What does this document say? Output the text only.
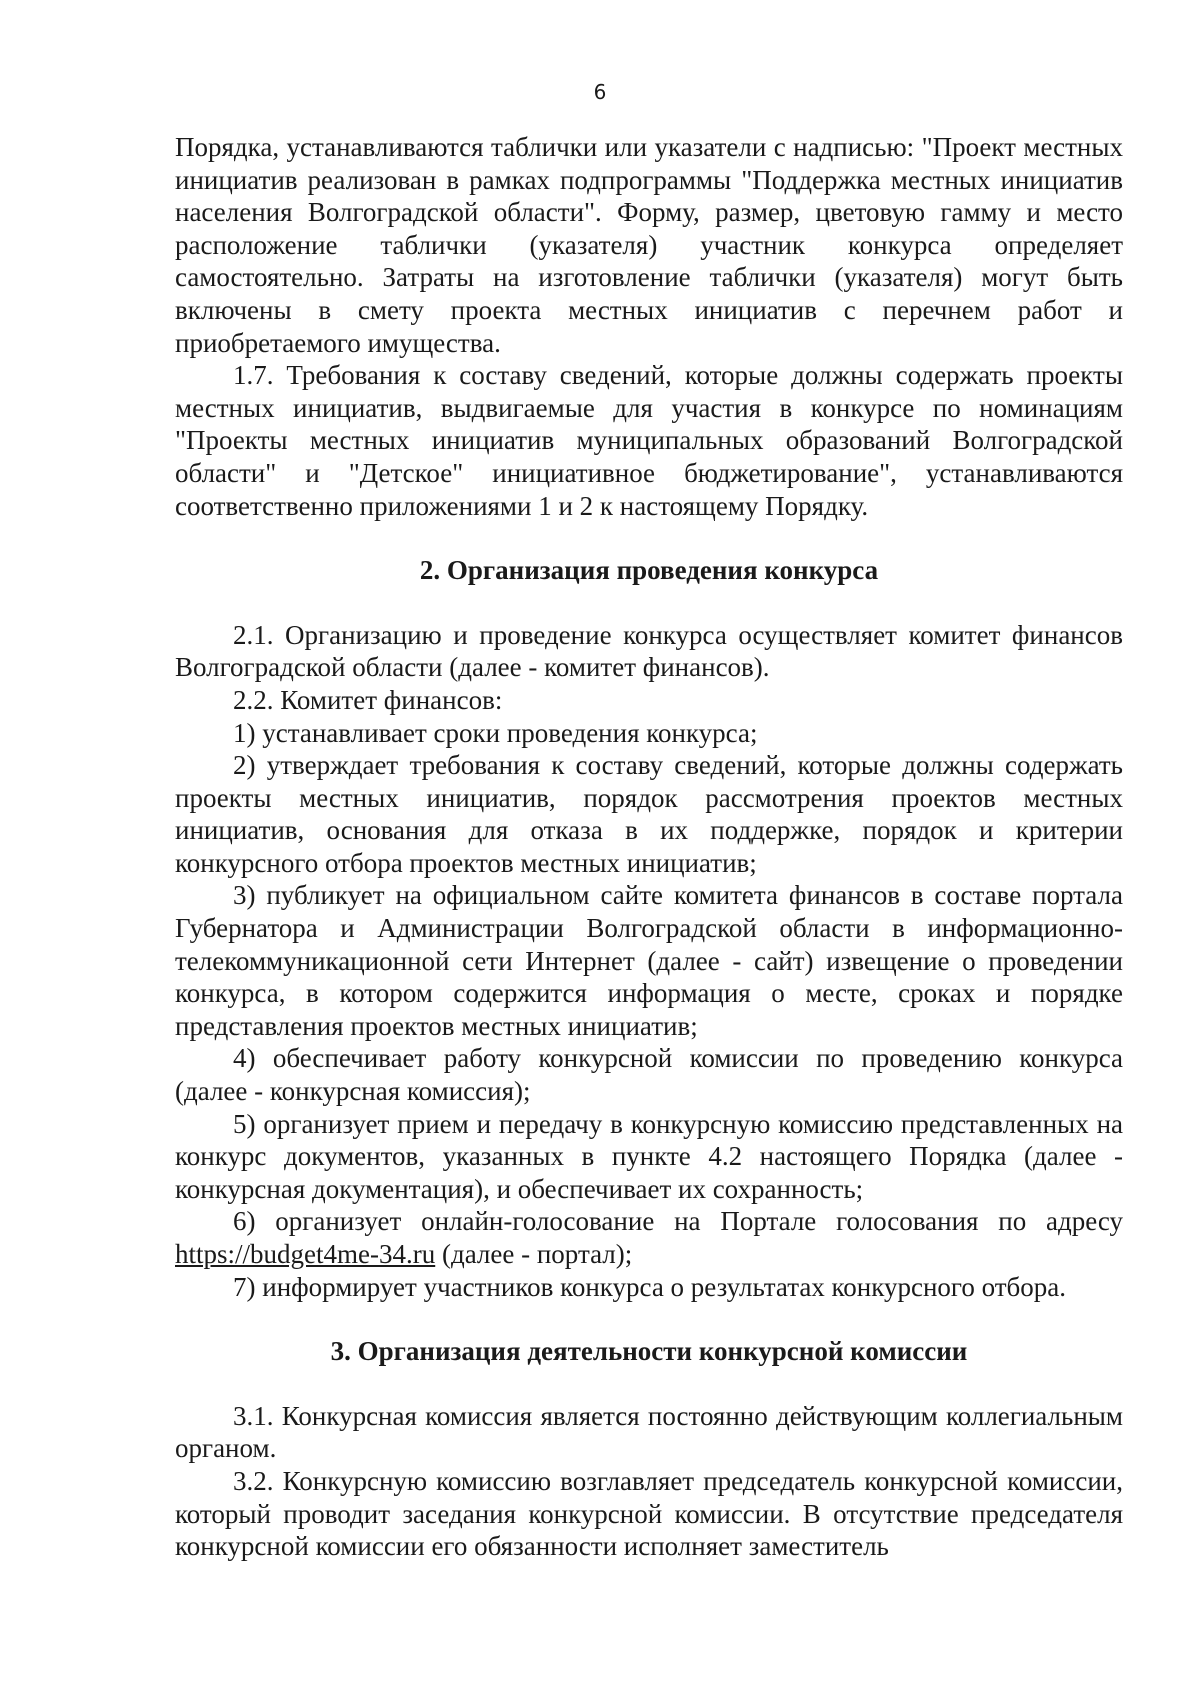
6

Порядка, устанавливаются таблички или указатели с надписью: "Проект местных инициатив реализован в рамках подпрограммы "Поддержка местных инициатив населения Волгоградской области". Форму, размер, цветовую гамму и место расположение таблички (указателя) участник конкурса определяет самостоятельно. Затраты на изготовление таблички (указателя) могут быть включены в смету проекта местных инициатив с перечнем работ и приобретаемого имущества.

1.7. Требования к составу сведений, которые должны содержать проекты местных инициатив, выдвигаемые для участия в конкурсе по номинациям "Проекты местных инициатив муниципальных образований Волгоградской области" и "Детское" инициативное бюджетирование", устанавливаются соответственно приложениями 1 и 2 к настоящему Порядку.

2. Организация проведения конкурса

2.1. Организацию и проведение конкурса осуществляет комитет финансов Волгоградской области (далее - комитет финансов).

2.2. Комитет финансов:

1) устанавливает сроки проведения конкурса;

2) утверждает требования к составу сведений, которые должны содержать проекты местных инициатив, порядок рассмотрения проектов местных инициатив, основания для отказа в их поддержке, порядок и критерии конкурсного отбора проектов местных инициатив;

3) публикует на официальном сайте комитета финансов в составе портала Губернатора и Администрации Волгоградской области в информационно-телекоммуникационной сети Интернет (далее - сайт) извещение о проведении конкурса, в котором содержится информация о месте, сроках и порядке представления проектов местных инициатив;

4) обеспечивает работу конкурсной комиссии по проведению конкурса (далее - конкурсная комиссия);

5) организует прием и передачу в конкурсную комиссию представленных на конкурс документов, указанных в пункте 4.2 настоящего Порядка (далее - конкурсная документация), и обеспечивает их сохранность;

6) организует онлайн-голосование на Портале голосования по адресу https://budget4me-34.ru (далее - портал);

7) информирует участников конкурса о результатах конкурсного отбора.

3. Организация деятельности конкурсной комиссии

3.1. Конкурсная комиссия является постоянно действующим коллегиальным органом.

3.2. Конкурсную комиссию возглавляет председатель конкурсной комиссии, который проводит заседания конкурсной комиссии. В отсутствие председателя конкурсной комиссии его обязанности исполняет заместитель
